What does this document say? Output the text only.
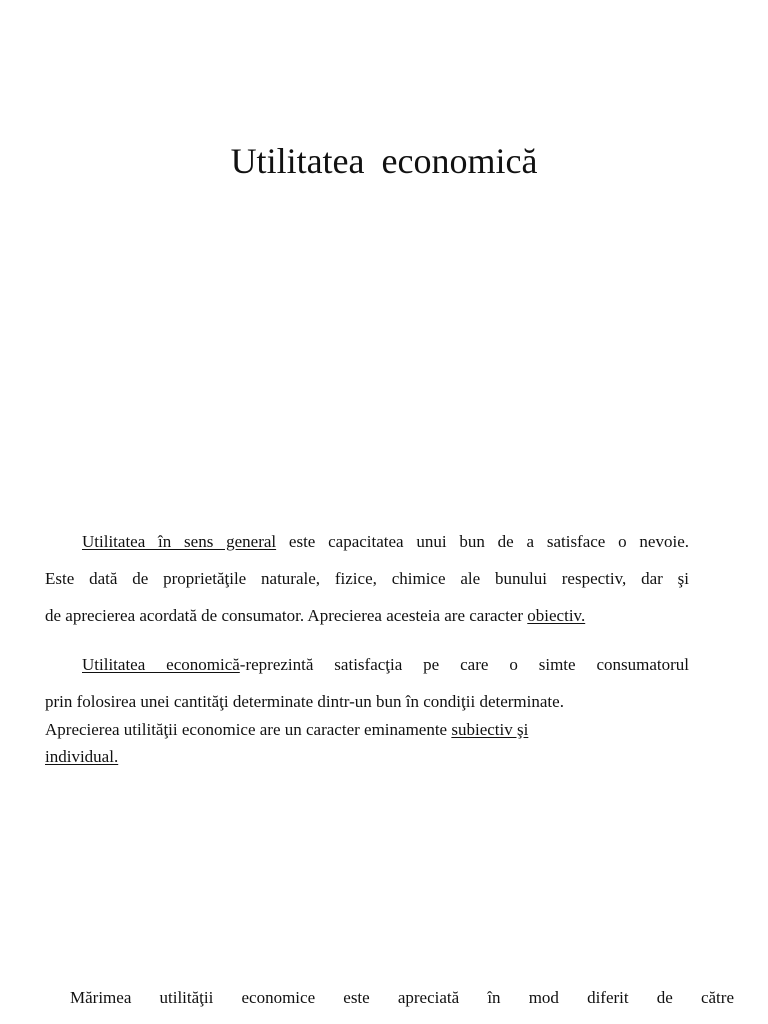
Utilitatea economică
Utilitatea în sens general este capacitatea unui bun de a satisface o nevoie.
Este dată de proprietăţile naturale, fizice, chimice ale bunului respectiv, dar şi
de aprecierea acordată de consumator. Aprecierea acesteia are caracter obiectiv.
Utilitatea economică-reprezintă satisfacţia pe care o simte consumatorul
prin folosirea unei cantităţi determinate dintr-un bun în condiţii determinate.
Aprecierea utilităţii economice are un caracter eminamente subiectiv şi
individual.
Mărimea utilităţii economice este apreciată în mod diferit de către
